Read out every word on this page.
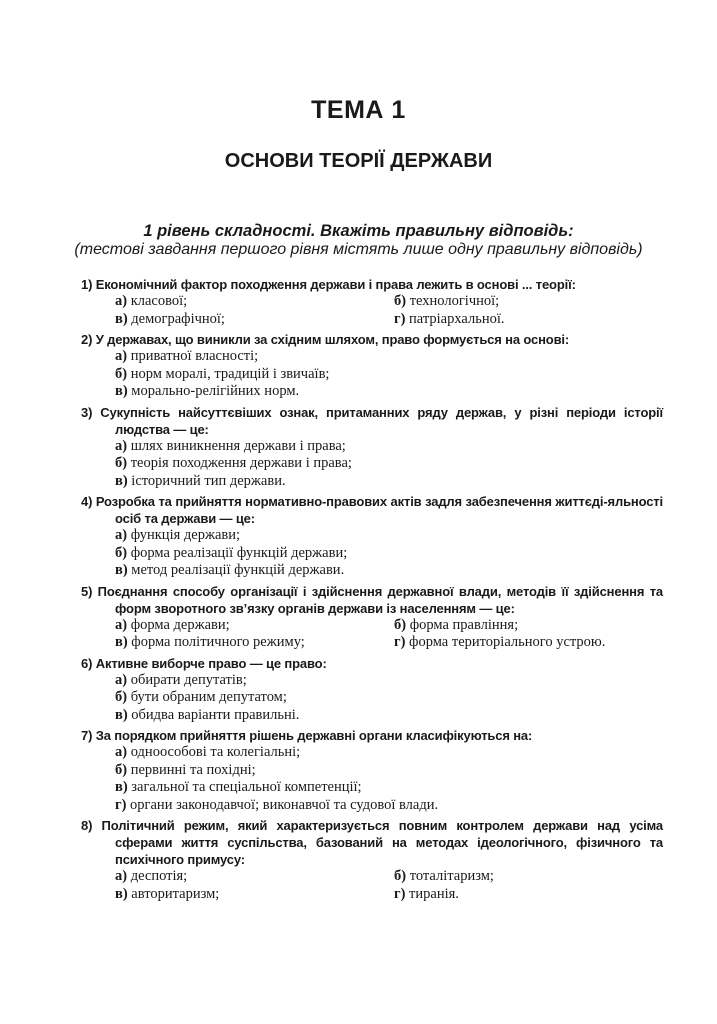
ТЕМА 1
ОСНОВИ ТЕОРІЇ ДЕРЖАВИ
1 рівень складності. Вкажіть правильну відповідь:
(тестові завдання першого рівня містять лише одну правильну відповідь)
1) Економічний фактор походження держави і права лежить в основі ... теорії:
а) класової;	б) технологічної;
в) демографічної;	г) патріархальної.
2) У державах, що виникли за східним шляхом, право формується на основі:
а) приватної власності;
б) норм моралі, традицій і звичаїв;
в) морально-релігійних норм.
3) Сукупність найсуттєвіших ознак, притаманних ряду держав, у різні періоди історії людства — це:
а) шлях виникнення держави і права;
б) теорія походження держави і права;
в) історичний тип держави.
4) Розробка та прийняття нормативно-правових актів задля забезпечення життєді-яльності осіб та держави — це:
а) функція держави;
б) форма реалізації функцій держави;
в) метод реалізації функцій держави.
5) Поєднання способу організації і здійснення державної влади, методів її здійснення та форм зворотного зв’язку органів держави із населенням — це:
а) форма держави;	б) форма правління;
в) форма політичного режиму;	г) форма територіального устрою.
6) Активне виборче право — це право:
а) обирати депутатів;
б) бути обраним депутатом;
в) обидва варіанти правильні.
7) За порядком прийняття рішень державні органи класифікуються на:
а) одноособові та колегіальні;
б) первинні та похідні;
в) загальної та спеціальної компетенції;
г) органи законодавчої; виконавчої та судової влади.
8) Політичний режим, який характеризується повним контролем держави над усіма сферами життя суспільства, базований на методах ідеологічного, фізичного та психічного примусу:
а) деспотія;	б) тоталітаризм;
в) авторитаризм;	г) тиранія.
